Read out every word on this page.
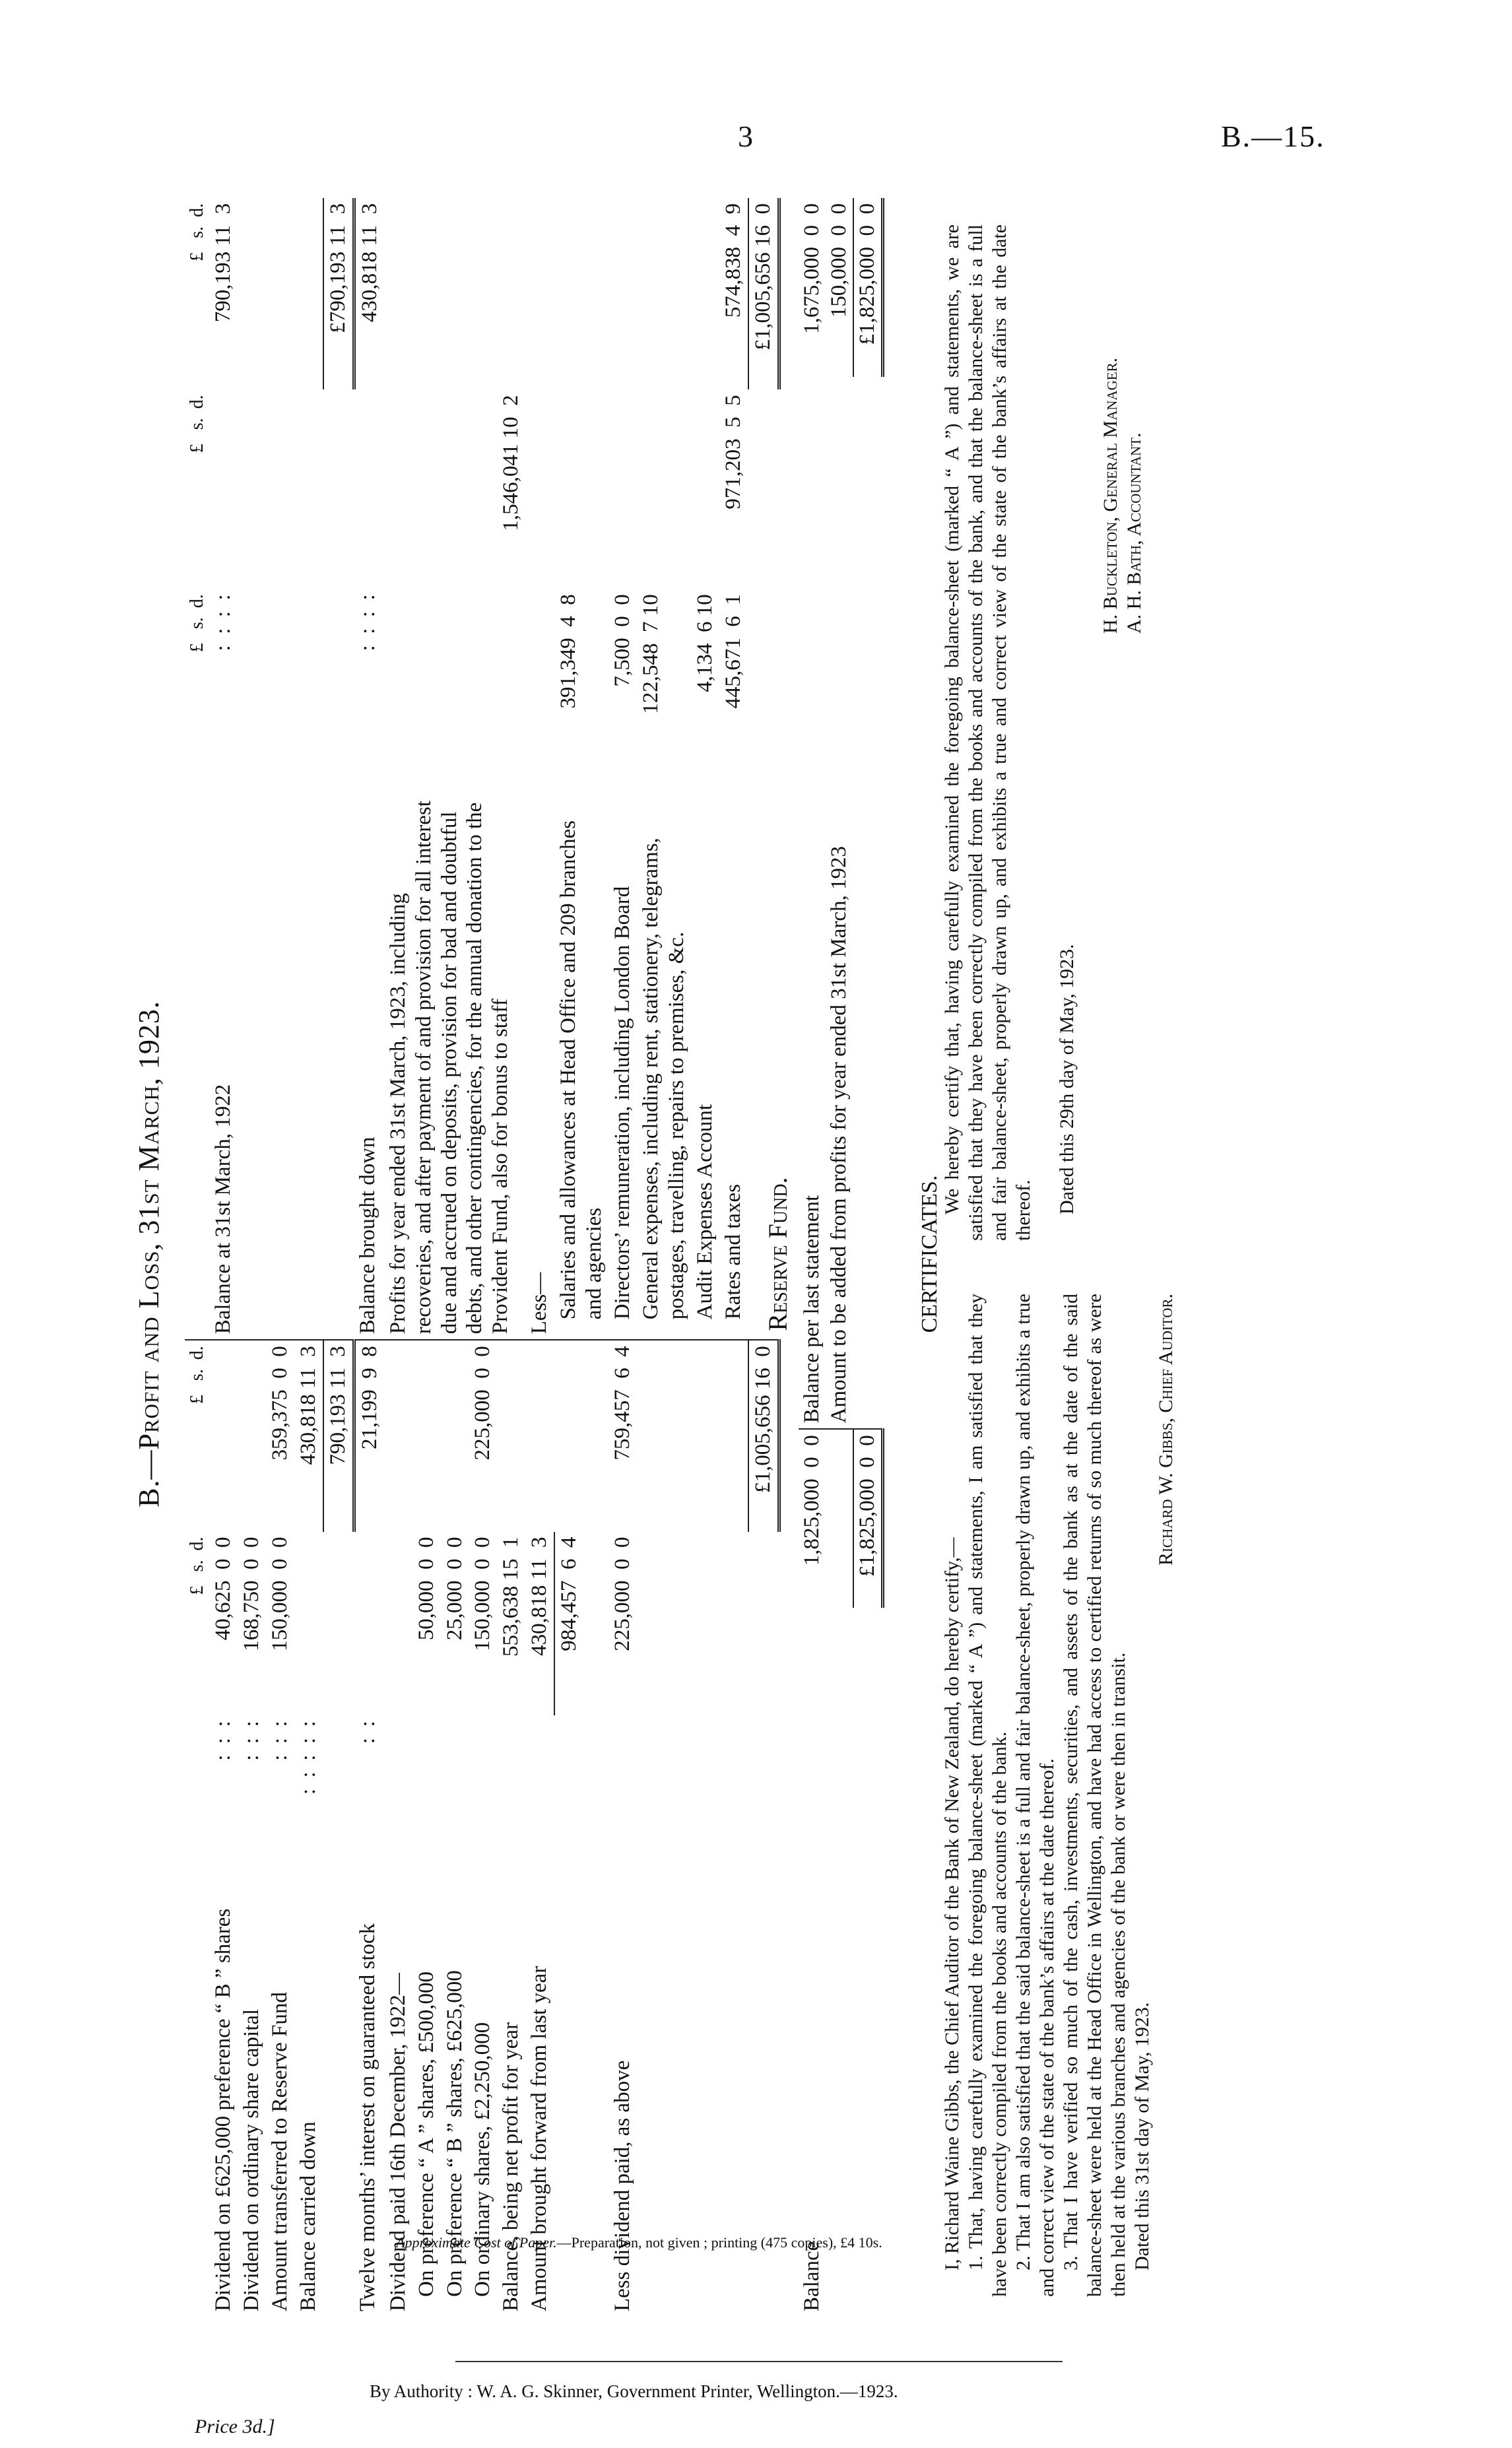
3	B.—15.
B.—Profit and Loss, 31st March, 1923.
		£   s.  d.	£   s.  d.		£   s.  d.	£   s.  d.	£   s.  d.
Dividend on £625,000 preference “ B ” shares	:  :  :	40,625  0  0		Balance at 31st March, 1922	:  :  :  :		790,193 11  3
Dividend on ordinary share capital	:  :  :	168,750  0  0					
Amount transferred to Reserve Fund	:  :  :	150,000  0  0	359,375  0  0				
Balance carried down	:  :  :  :  :		430,818 11  3				
			790,193 11  3				£790,193 11  3
Twelve months’ interest on guaranteed stock	:  :		21,199  9  8	Balance brought down	:  :  :  :		430,818 11  3
Dividend paid 16th December, 1922—				Profits for year ended 31st March, 1923, including recoveries, and after payment of and provision for all interest due and accrued on deposits, provision for bad and doubtful debts, and other contingencies, for the annual donation to the Provident Fund, also for bonus to staff			
On preference “ A ” shares, £500,000		50,000  0  0					
On preference “ B ” shares, £625,000		25,000  0  0					
On ordinary shares, £2,250,000		150,000  0  0	225,000  0  0				
Balance, being net profit for year		553,638 15  1				1,546,041 10  2	
Amount brought forward from last year		430,818 11  3		Less—			
		984,457  6  4		Salaries and allowances at Head Office and 209 branches and agencies	391,349  4  8		
Less dividend paid, as above		225,000  0  0	759,457  6  4	Directors’ remuneration, including London Board	7,500  0  0		
				General expenses, including rent, stationery, telegrams, postages, travelling, repairs to premises, &c.	122,548  7 10		
				Audit Expenses Account	4,134  6 10		
				Rates and taxes	445,671  6  1	971,203  5  5	574,838  4  9
			£1,005,656 16  0				£1,005,656 16  0
Reserve Fund.
Balance	1,825,000  0  0	Balance per last statement		1,675,000  0  0
		Amount to be added from profits for year ended 31st March, 1923		150,000  0  0
	£1,825,000  0  0			£1,825,000  0  0
CERTIFICATES.

I, Richard Waine Gibbs, the Chief Auditor of the Bank of New Zealand, do hereby certify,— 1. That, having carefully examined the foregoing balance-sheet (marked “ A ”) and statements, I am satisfied that they have been correctly compiled from the books and accounts of the bank. 2. That I am also satisfied that the said balance-sheet is a full and fair balance-sheet, properly drawn up, and exhibits a true and correct view of the state of the bank’s affairs at the date thereof. 3. That I have verified so much of the cash, investments, securities, and assets of the bank as at the date of the said balance-sheet were held at the Head Office in Wellington, and have had access to certified returns of so much thereof as were then held at the various branches and agencies of the bank or were then in transit. Dated this 31st day of May, 1923.

Richard W. Gibbs, Chief Auditor.

We hereby certify that, having carefully examined the foregoing balance-sheet (marked “ A ”) and statements, we are satisfied that they have been correctly compiled from the books and accounts of the bank, and that the balance-sheet is a full and fair balance-sheet, properly drawn up, and exhibits a true and correct view of the state of the bank’s affairs at the date thereof. Dated this 29th day of May, 1923.

H. Buckleton, General Manager. A. H. Bath, Accountant.
Approximate Cost of Paper.—Preparation, not given ; printing (475 copies), £4 10s.
By Authority : W. A. G. Skinner, Government Printer, Wellington.—1923.
Price 3d.]
